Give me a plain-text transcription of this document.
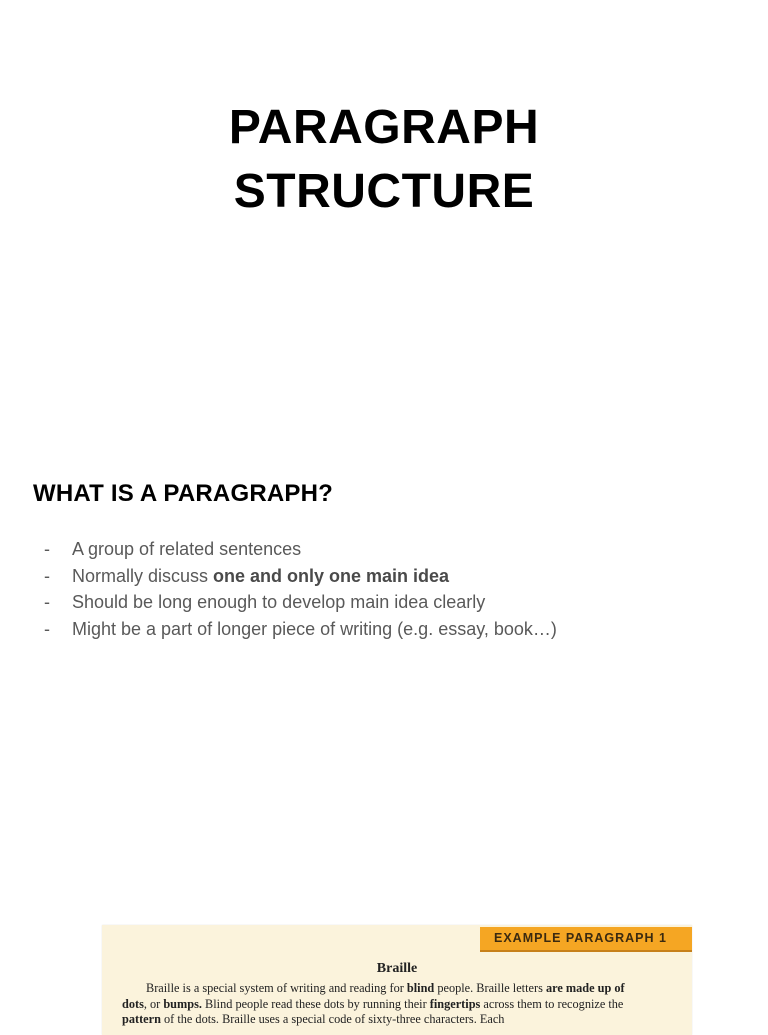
PARAGRAPH
STRUCTURE
WHAT IS A PARAGRAPH?
- A group of related sentences
- Normally discuss one and only one main idea
- Should be long enough to develop main idea clearly
- Might be a part of longer piece of writing (e.g. essay, book…)
EXAMPLE PARAGRAPH 1
Braille
Braille is a special system of writing and reading for blind people. Braille letters are made up of dots, or bumps. Blind people read these dots by running their fingertips across them to recognize the pattern of the dots. Braille uses a special code of sixty-three characters. Each
